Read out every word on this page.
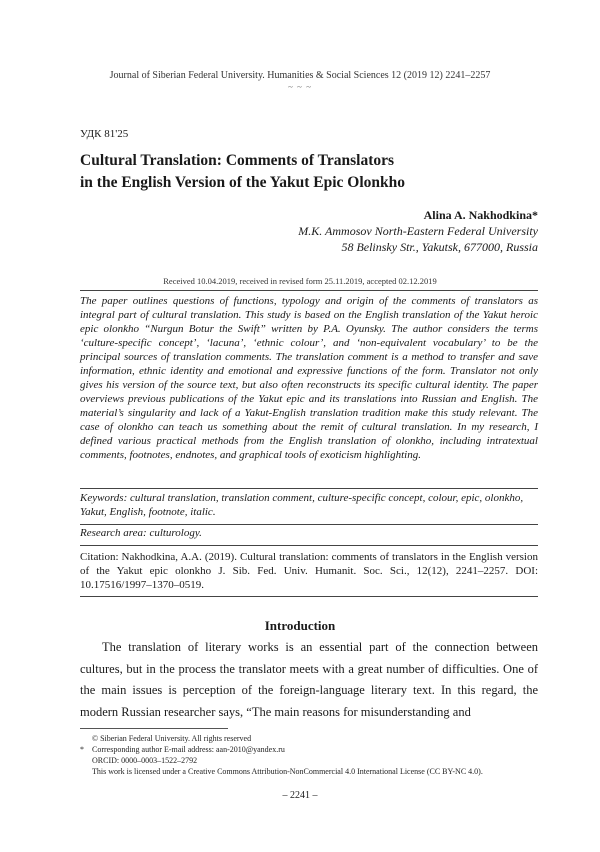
Journal of Siberian Federal University. Humanities & Social Sciences 12 (2019 12) 2241–2257
~ ~ ~
УДК 81'25
Cultural Translation: Comments of Translators
in the English Version of the Yakut Epic Olonkho
Alina A. Nakhodkina*
M.K. Ammosov North-Eastern Federal University
58 Belinsky Str., Yakutsk, 677000, Russia
Received 10.04.2019, received in revised form 25.11.2019, accepted 02.12.2019
The paper outlines questions of functions, typology and origin of the comments of translators as integral part of cultural translation. This study is based on the English translation of the Yakut heroic epic olonkho “Nurgun Botur the Swift” written by P.A. Oyunsky. The author considers the terms ‘culture-specific concept’, ‘lacuna’, ‘ethnic colour’, and ‘non-equivalent vocabulary’ to be the principal sources of translation comments. The translation comment is a method to transfer and save information, ethnic identity and emotional and expressive functions of the form. Translator not only gives his version of the source text, but also often reconstructs its specific cultural identity. The paper overviews previous publications of the Yakut epic and its translations into Russian and English. The material’s singularity and lack of a Yakut-English translation tradition make this study relevant. The case of olonkho can teach us something about the remit of cultural translation. In my research, I defined various practical methods from the English translation of olonkho, including intratextual comments, footnotes, endnotes, and graphical tools of exoticism highlighting.
Keywords: cultural translation, translation comment, culture-specific concept, colour, epic, olonkho, Yakut, English, footnote, italic.
Research area: culturology.
Citation: Nakhodkina, A.A. (2019). Cultural translation: comments of translators in the English version of the Yakut epic olonkho J. Sib. Fed. Univ. Humanit. Soc. Sci., 12(12), 2241–2257. DOI: 10.17516/1997–1370–0519.
Introduction
The translation of literary works is an essential part of the connection between cultures, but in the process the translator meets with a great number of difficulties. One of the main issues is perception of the foreign-language literary text. In this regard, the modern Russian researcher says, “The main reasons for misunderstanding and
© Siberian Federal University. All rights reserved
* Corresponding author E-mail address: aan-2010@yandex.ru
ORCID: 0000–0003–1522–2792
This work is licensed under a Creative Commons Attribution-NonCommercial 4.0 International License (CC BY-NC 4.0).
– 2241 –
